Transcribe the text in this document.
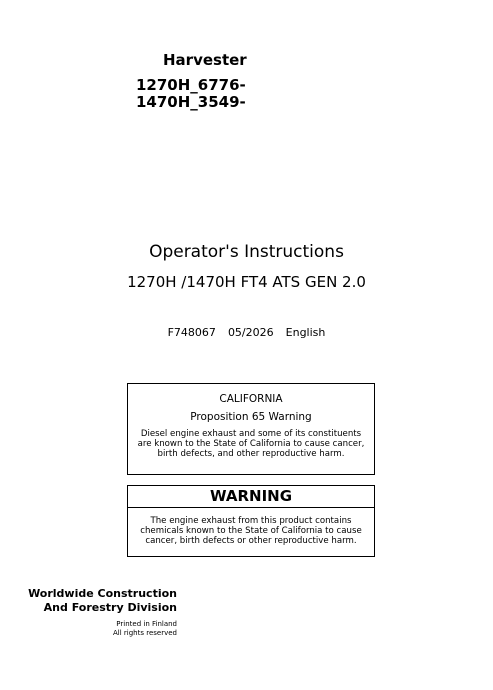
Harvester
1270H_6776-
1470H_3549-
Operator's Instructions
1270H /1470H FT4 ATS GEN 2.0
F748067 05/2026 English
CALIFORNIA
Proposition 65 Warning
Diesel engine exhaust and some of its constituents are known to the State of California to cause cancer, birth defects, and other reproductive harm.
WARNING
The engine exhaust from this product contains chemicals known to the State of California to cause cancer, birth defects or other reproductive harm.
Worldwide Construction
And Forestry Division
Printed in Finland
All rights reserved
